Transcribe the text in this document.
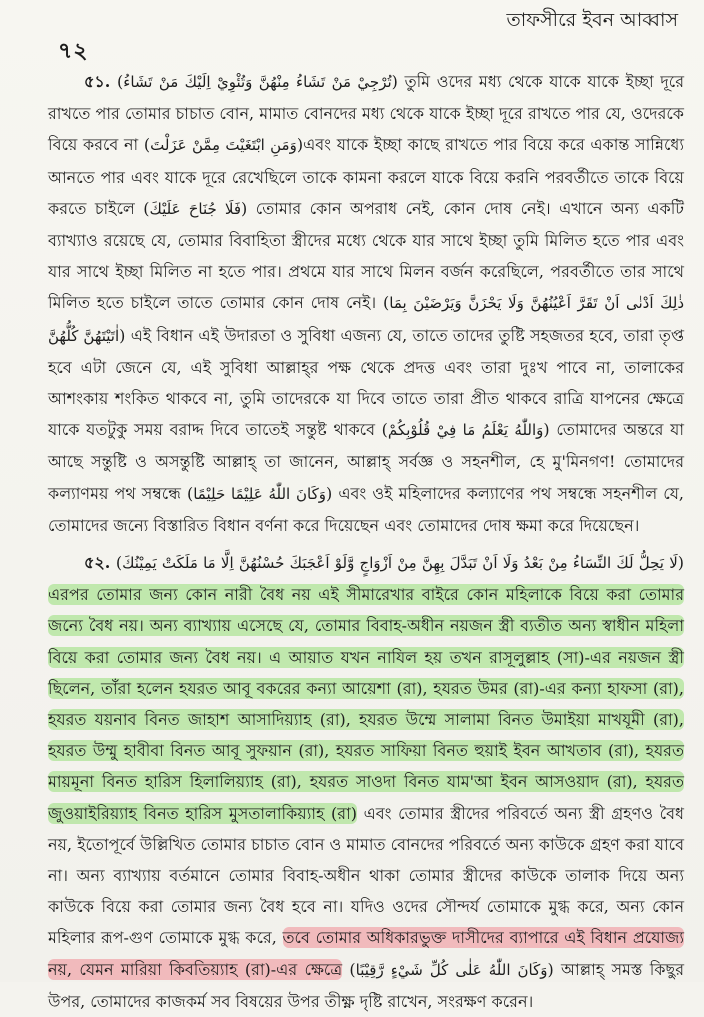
৭২
তাফসীরে ইবন আব্বাস

৫১. (تُرْجِيْ مَنْ تَشَاءُ مِنْهُنَّ وَتُئْوِيْ اِلَيْكَ مَنْ تَشَاءُ) তুমি ওদের মধ্য থেকে যাকে যাকে ইচ্ছা দূরে রাখতে পার তোমার চাচাত বোন, মামাত বোনদের মধ্য থেকে যাকে ইচ্ছা দূরে রাখতে পার যে, ওদেরকে বিয়ে করবে না (وَمَنِ ابْتَغَيْتَ مِمَّنْ عَزَلْتَ)এবং যাকে ইচ্ছা কাছে রাখতে পার বিয়ে করে একান্ত সান্নিধ্যে আনতে পার এবং যাকে দূরে রেখেছিলে তাকে কামনা করলে যাকে বিয়ে করনি পরবর্তীতে তাকে বিয়ে করতে চাইলে (فَلَا جُنَاحَ عَلَيْكَ) তোমার কোন অপরাধ নেই, কোন দোষ নেই। এখানে অন্য একটি ব্যাখ্যাও রয়েছে যে, তোমার বিবাহিতা স্ত্রীদের মধ্যে থেকে যার সাথে ইচ্ছা তুমি মিলিত হতে পার এবং যার সাথে ইচ্ছা মিলিত না হতে পার। প্রথমে যার সাথে মিলন বর্জন করেছিলে, পরবর্তীতে তার সাথে মিলিত হতে চাইলে তাতে তোমার কোন দোষ নেই। (ذٰلِكَ اَدْنٰى اَنْ تَقَرَّ اَعْيُنُهُنَّ وَلَا يَحْزَنَّ وَيَرْضَيْنَ بِمَا اٰتَيْتَهُنَّ كُلُّهُنَّ) এই বিধান এই উদারতা ও সুবিধা এজন্য যে, তাতে তাদের তুষ্টি সহজতর হবে, তারা তৃপ্ত হবে এটা জেনে যে, এই সুবিধা আল্লাহ্‌র পক্ষ থেকে প্রদত্ত এবং তারা দুঃখ পাবে না, তালাকের আশংকায় শংকিত থাকবে না, তুমি তাদেরকে যা দিবে তাতে তারা প্রীত থাকবে রাত্রি যাপনের ক্ষেত্রে যাকে যতটুকু সময় বরাদ্দ দিবে তাতেই সন্তুষ্ট থাকবে (وَاللّٰهُ يَعْلَمُ مَا فِيْ قُلُوْبِكُمْ) তোমাদের অন্তরে যা আছে সন্তুষ্টি ও অসন্তুষ্টি আল্লাহ্ তা জানেন, আল্লাহ্ সর্বজ্ঞ ও সহনশীল, হে মু'মিনগণ! তোমাদের কল্যাণময় পথ সম্বন্ধে (وَكَانَ اللّٰهُ عَلِيْمًا حَلِيْمًا) এবং ওই মহিলাদের কল্যাণের পথ সম্বন্ধে সহনশীল যে, তোমাদের জন্যে বিস্তারিত বিধান বর্ণনা করে দিয়েছেন এবং তোমাদের দোষ ক্ষমা করে দিয়েছেন।

৫২. (لَا يَحِلُّ لَكَ النِّسَاءُ مِنْ بَعْدُ وَلَا اَنْ تَبَدَّلَ بِهِنَّ مِنْ اَزْوَاجٍ وَّلَوْ اَعْجَبَكَ حُسْنُهُنَّ اِلَّا مَا مَلَكَتْ يَمِيْنُكَ) এরপর তোমার জন্য কোন নারী বৈধ নয় এই সীমারেখার বাইরে কোন মহিলাকে বিয়ে করা তোমার জন্যে বৈধ নয়। অন্য ব্যাখ্যায় এসেছে যে, তোমার বিবাহ-অধীন নয়জন স্ত্রী ব্যতীত অন্য স্বাধীন মহিলা বিয়ে করা তোমার জন্য বৈধ নয়। এ আয়াত যখন নাযিল হয় তখন রাসূলুল্লাহ (সা)-এর নয়জন স্ত্রী ছিলেন, তাঁরা হলেন হযরত আবূ বকরের কন্যা আয়েশা (রা), হযরত উমর (রা)-এর কন্যা হাফসা (রা), হযরত যয়নাব বিনত জাহাশ আসাদিয়্যাহ (রা), হযরত উম্মে সালামা বিনত উমাইয়া মাখযূমী (রা), হযরত উম্মু হাবীবা বিনত আবূ সুফয়ান (রা), হযরত সাফিয়া বিনত হুয়াই ইবন আখতাব (রা), হযরত মায়মূনা বিনত হারিস হিলালিয়্যাহ (রা), হযরত সাওদা বিনত যাম'আ ইবন আসওয়াদ (রা), হযরত জুওয়াইরিয়্যাহ বিনত হারিস মুসতালাকিয়্যাহ (রা) এবং তোমার স্ত্রীদের পরিবর্তে অন্য স্ত্রী গ্রহণও বৈধ নয়, ইতোপূর্বে উল্লিখিত তোমার চাচাত বোন ও মামাত বোনদের পরিবর্তে অন্য কাউকে গ্রহণ করা যাবে না। অন্য ব্যাখ্যায় বর্তমানে তোমার বিবাহ-অধীন থাকা তোমার স্ত্রীদের কাউকে তালাক দিয়ে অন্য কাউকে বিয়ে করা তোমার জন্য বৈধ হবে না। যদিও ওদের সৌন্দর্য তোমাকে মুগ্ধ করে, অন্য কোন মহিলার রূপ-গুণ তোমাকে মুগ্ধ করে, তবে তোমার অধিকারভুক্ত দাসীদের ব্যাপারে এই বিধান প্রযোজ্য নয়, যেমন মারিয়া কিবতিয়্যাহ (রা)-এর ক্ষেত্রে (وَكَانَ اللّٰهُ عَلٰى كُلِّ شَيْءٍ رَّقِيْبًا) আল্লাহ্ সমস্ত কিছুর উপর, তোমাদের কাজকর্ম সব বিষয়ের উপর তীক্ষ্ণ দৃষ্টি রাখেন, সংরক্ষণ করেন।
